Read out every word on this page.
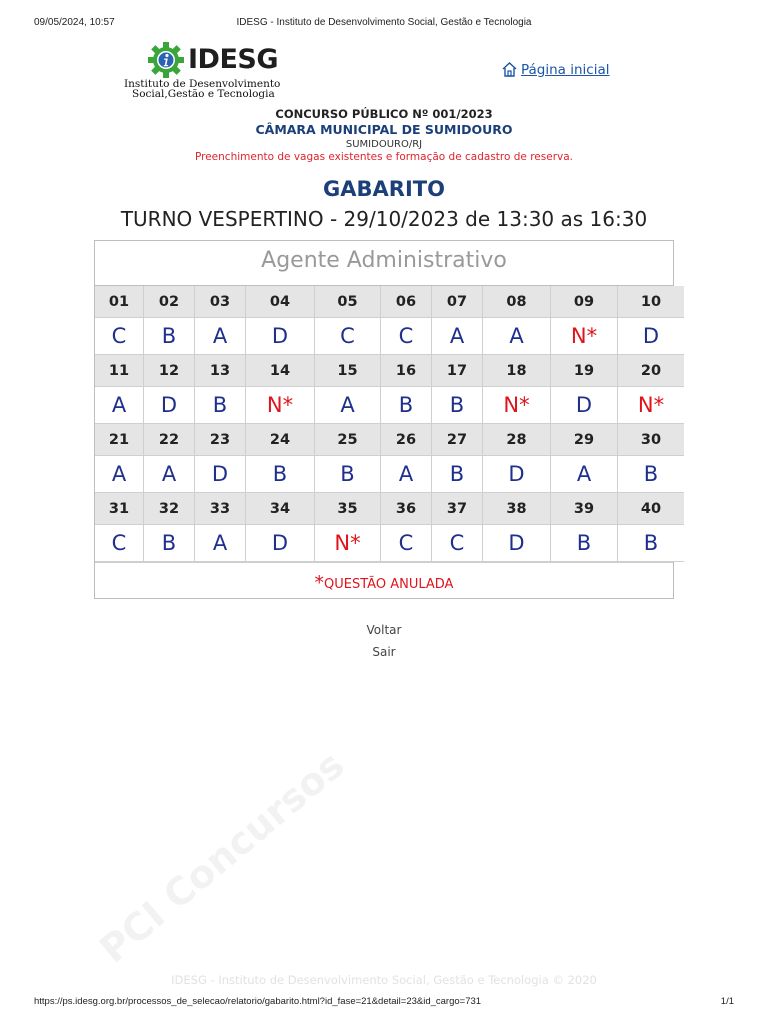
09/05/2024, 10:57	IDESG - Instituto de Desenvolvimento Social, Gestão e Tecnologia
IDESG
Instituto de Desenvolvimento
Social,Gestão e Tecnologia
Página inicial
CONCURSO PÚBLICO Nº 001/2023
CÂMARA MUNICIPAL DE SUMIDOURO
SUMIDOURO/RJ
Preenchimento de vagas existentes e formação de cadastro de reserva.
GABARITO
TURNO VESPERTINO - 29/10/2023 de 13:30 as 16:30
Agente Administrativo
01	02	03	04	05	06	07	08	09	10
C	B	A	D	C	C	A	A	N*	D
11	12	13	14	15	16	17	18	19	20
A	D	B	N*	A	B	B	N*	D	N*
21	22	23	24	25	26	27	28	29	30
A	A	D	B	B	A	B	D	A	B
31	32	33	34	35	36	37	38	39	40
C	B	A	D	N*	C	C	D	B	B
*QUESTÃO ANULADA
Voltar
Sair
PCI Concursos
IDESG - Instituto de Desenvolvimento Social, Gestão e Tecnologia © 2020
https://ps.idesg.org.br/processos_de_selecao/relatorio/gabarito.html?id_fase=21&detail=23&id_cargo=731	1/1
